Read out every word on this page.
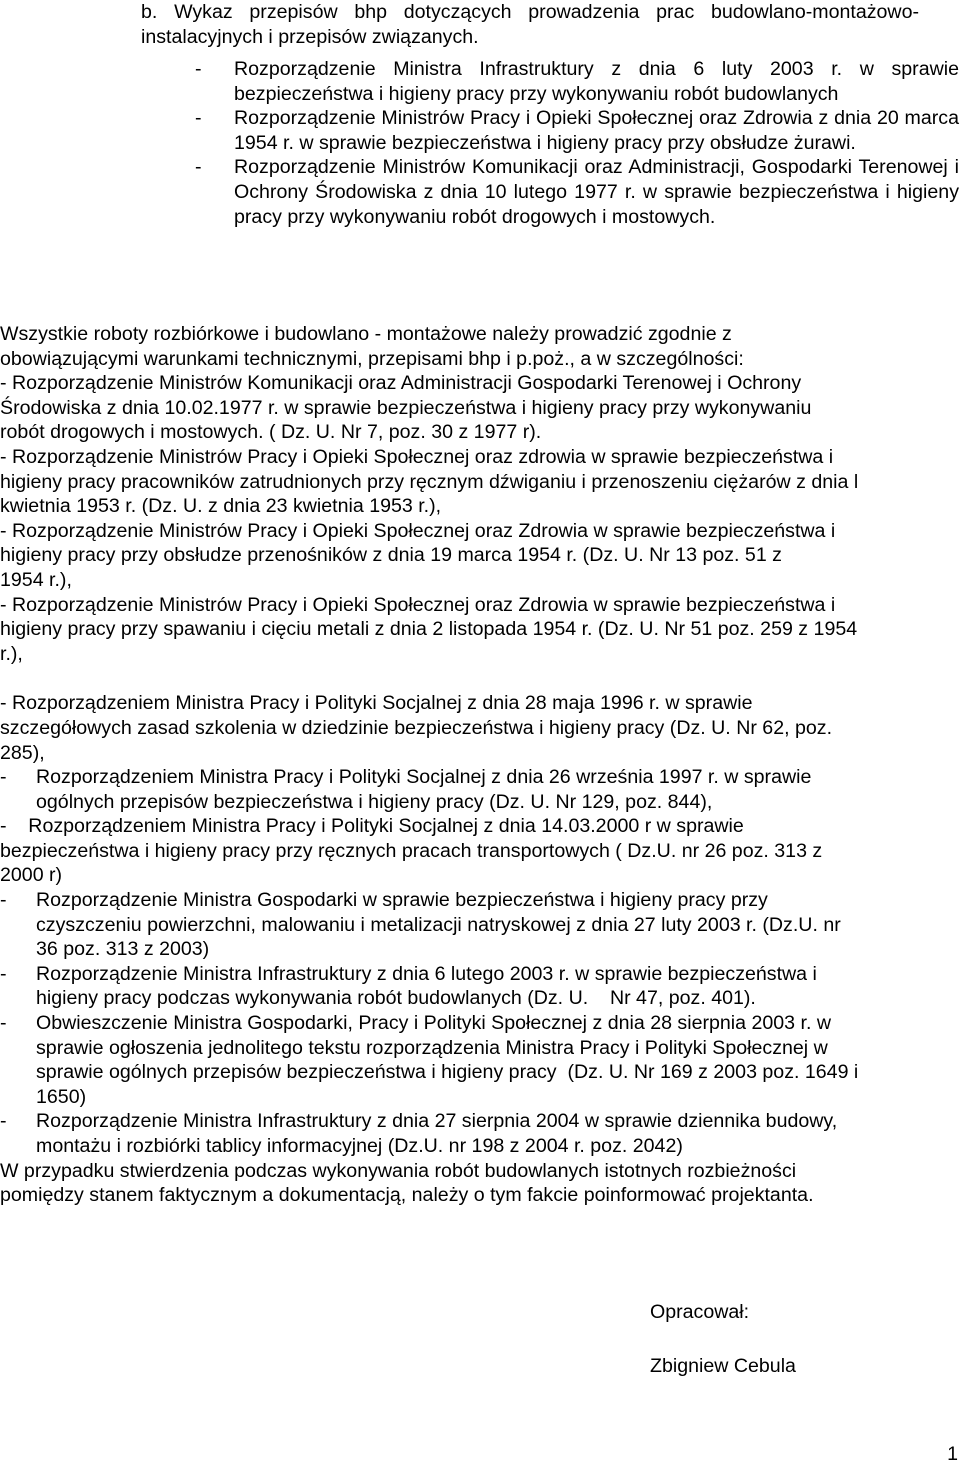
b. Wykaz przepisów bhp dotyczących prowadzenia prac budowlano-montażowo-instalacyjnych i przepisów związanych.
- Rozporządzenie Ministra Infrastruktury z dnia 6 luty 2003 r. w sprawie bezpieczeństwa i higieny pracy przy wykonywaniu robót budowlanych
- Rozporządzenie Ministrów Pracy i Opieki Społecznej oraz Zdrowia z dnia 20 marca 1954 r. w sprawie bezpieczeństwa i higieny pracy przy obsłudze żurawi.
- Rozporządzenie Ministrów Komunikacji oraz Administracji, Gospodarki Terenowej i Ochrony Środowiska z dnia 10 lutego 1977 r. w sprawie bezpieczeństwa i higieny pracy przy wykonywaniu robót drogowych i mostowych.
Wszystkie roboty rozbiórkowe i budowlano - montażowe należy prowadzić zgodnie z
obowiązującymi warunkami technicznymi, przepisami bhp i p.poż., a w szczególności:
- Rozporządzenie Ministrów Komunikacji oraz Administracji Gospodarki Terenowej i Ochrony
Środowiska z dnia 10.02.1977 r. w sprawie bezpieczeństwa i higieny pracy przy wykonywaniu
robót drogowych i mostowych. ( Dz. U. Nr 7, poz. 30 z 1977 r).
- Rozporządzenie Ministrów Pracy i Opieki Społecznej oraz zdrowia w sprawie bezpieczeństwa i
higieny pracy pracowników zatrudnionych przy ręcznym dźwiganiu i przenoszeniu ciężarów z dnia l
kwietnia 1953 r. (Dz. U. z dnia 23 kwietnia 1953 r.),
- Rozporządzenie Ministrów Pracy i Opieki Społecznej oraz Zdrowia w sprawie bezpieczeństwa i
higieny pracy przy obsłudze przenośników z dnia 19 marca 1954 r. (Dz. U. Nr 13 poz. 51 z
1954 r.),
- Rozporządzenie Ministrów Pracy i Opieki Społecznej oraz Zdrowia w sprawie bezpieczeństwa i
higieny pracy przy spawaniu i cięciu metali z dnia 2 listopada 1954 r. (Dz. U. Nr 51 poz. 259 z 1954
r.),
- Rozporządzeniem Ministra Pracy i Polityki Socjalnej z dnia 28 maja 1996 r. w sprawie
szczegółowych zasad szkolenia w dziedzinie bezpieczeństwa i higieny pracy (Dz. U. Nr 62, poz.
285),
- Rozporządzeniem Ministra Pracy i Polityki Socjalnej z dnia 26 września 1997 r. w sprawie
ogólnych przepisów bezpieczeństwa i higieny pracy (Dz. U. Nr 129, poz. 844),
-    Rozporządzeniem Ministra Pracy i Polityki Socjalnej z dnia 14.03.2000 r w sprawie
bezpieczeństwa i higieny pracy przy ręcznych pracach transportowych ( Dz.U. nr 26 poz. 313 z
2000 r)
- Rozporządzenie Ministra Gospodarki w sprawie bezpieczeństwa i higieny pracy przy
czyszczeniu powierzchni, malowaniu i metalizacji natryskowej z dnia 27 luty 2003 r. (Dz.U. nr
36 poz. 313 z 2003)
- Rozporządzenie Ministra Infrastruktury z dnia 6 lutego 2003 r. w sprawie bezpieczeństwa i
higieny pracy podczas wykonywania robót budowlanych (Dz. U.    Nr 47, poz. 401).
- Obwieszczenie Ministra Gospodarki, Pracy i Polityki Społecznej z dnia 28 sierpnia 2003 r. w
sprawie ogłoszenia jednolitego tekstu rozporządzenia Ministra Pracy i Polityki Społecznej w
sprawie ogólnych przepisów bezpieczeństwa i higieny pracy  (Dz. U. Nr 169 z 2003 poz. 1649 i
1650)
- Rozporządzenie Ministra Infrastruktury z dnia 27 sierpnia 2004 w sprawie dziennika budowy,
montażu i rozbiórki tablicy informacyjnej (Dz.U. nr 198 z 2004 r. poz. 2042)
W przypadku stwierdzenia podczas wykonywania robót budowlanych istotnych rozbieżności
pomiędzy stanem faktycznym a dokumentacją, należy o tym fakcie poinformować projektanta.
Opracował:
Zbigniew Cebula
1
